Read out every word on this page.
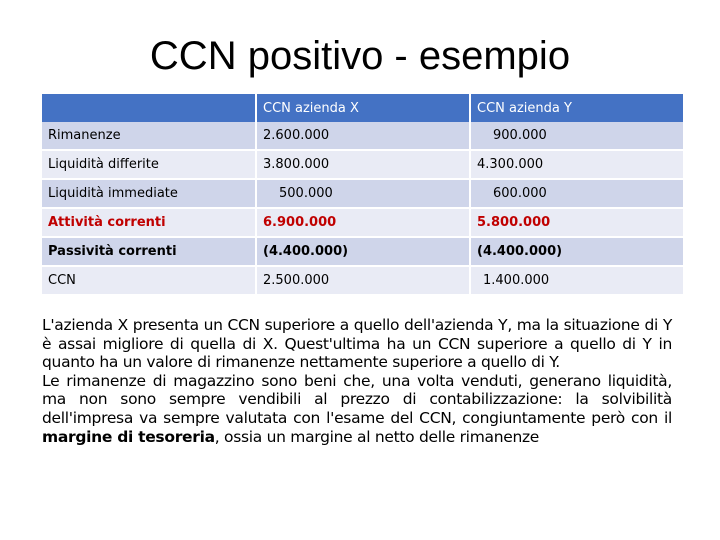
CCN positivo - esempio
	CCN azienda X	CCN azienda Y
Rimanenze	2.600.000	900.000
Liquidità differite	3.800.000	4.300.000
Liquidità immediate	500.000	600.000
Attività correnti	6.900.000	5.800.000
Passività correnti	(4.400.000)	(4.400.000)
CCN	2.500.000	1.400.000

L'azienda X presenta un CCN superiore a quello dell'azienda Y, ma la situazione di Y è assai migliore di quella di X. Quest'ultima ha un CCN superiore a quello di Y in quanto ha un valore di rimanenze nettamente superiore a quello di Y.

Le rimanenze di magazzino sono beni che, una volta venduti, generano liquidità, ma non sono sempre vendibili al prezzo di contabilizzazione: la solvibilità dell'impresa va sempre valutata con l'esame del CCN, congiuntamente però con il margine di tesoreria, ossia un margine al netto delle rimanenze
